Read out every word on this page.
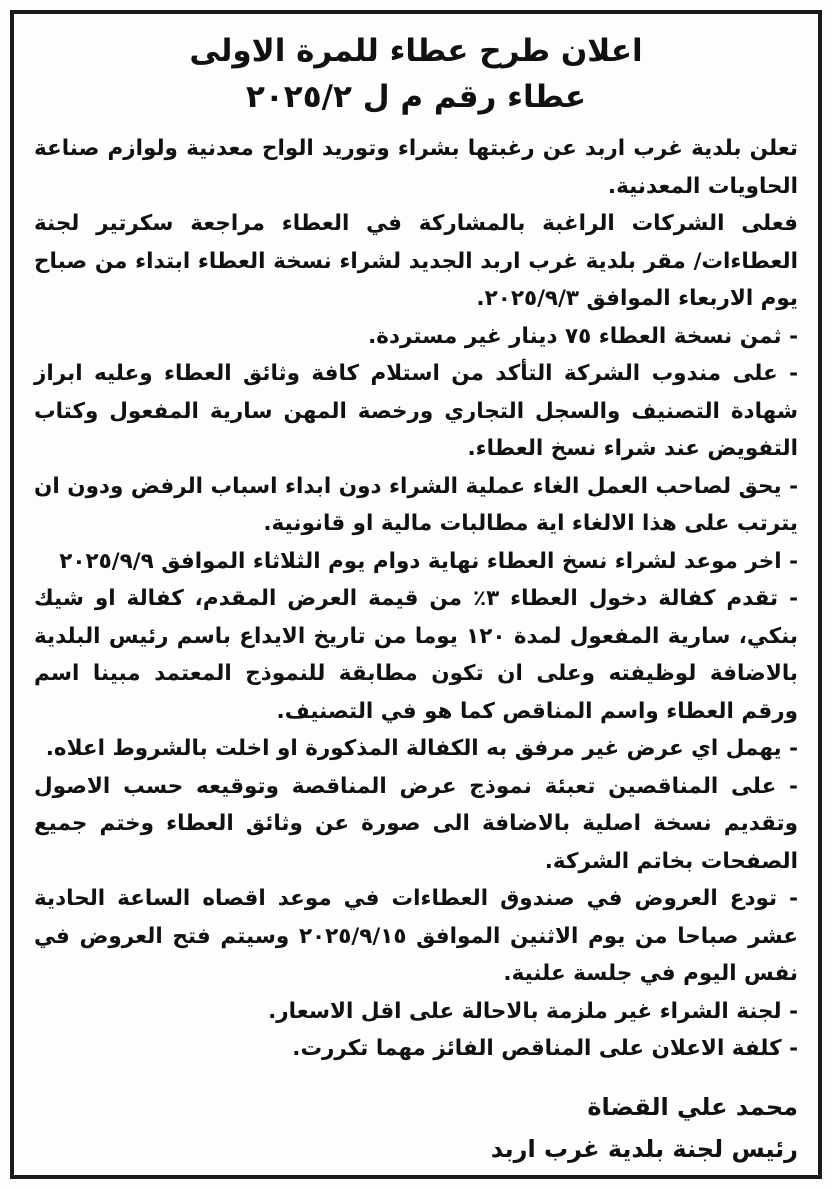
اعلان طرح عطاء للمرة الاولى
عطاء رقم م ل ٢٠٢٥/٢

تعلن بلدية غرب اربد عن رغبتها بشراء وتوريد الواح معدنية ولوازم صناعة الحاويات المعدنية.

فعلى الشركات الراغبة بالمشاركة في العطاء مراجعة سكرتير لجنة العطاءات/ مقر بلدية غرب اربد الجديد لشراء نسخة العطاء ابتداء من صباح يوم الاربعاء الموافق ٢٠٢٥/٩/٣.

- ثمن نسخة العطاء ٧٥ دينار غير مستردة.

- على مندوب الشركة التأكد من استلام كافة وثائق العطاء وعليه ابراز شهادة التصنيف والسجل التجاري ورخصة المهن سارية المفعول وكتاب التفويض عند شراء نسخ العطاء.

- يحق لصاحب العمل الغاء عملية الشراء دون ابداء اسباب الرفض ودون ان يترتب على هذا الالغاء اية مطالبات مالية او قانونية.

- اخر موعد لشراء نسخ العطاء نهاية دوام يوم الثلاثاء الموافق ٢٠٢٥/٩/٩

- تقدم كفالة دخول العطاء ٣٪ من قيمة العرض المقدم، كفالة او شيك بنكي، سارية المفعول لمدة ١٢٠ يوما من تاريخ الايداع باسم رئيس البلدية بالاضافة لوظيفته وعلى ان تكون مطابقة للنموذج المعتمد مبينا اسم ورقم العطاء واسم المناقص كما هو في التصنيف.

- يهمل اي عرض غير مرفق به الكفالة المذكورة او اخلت بالشروط اعلاه.

- على المناقصين تعبئة نموذج عرض المناقصة وتوقيعه حسب الاصول وتقديم نسخة اصلية بالاضافة الى صورة عن وثائق العطاء وختم جميع الصفحات بخاتم الشركة.

- تودع العروض في صندوق العطاءات في موعد اقصاه الساعة الحادية عشر صباحا من يوم الاثنين الموافق ٢٠٢٥/٩/١٥ وسيتم فتح العروض في نفس اليوم في جلسة علنية.

- لجنة الشراء غير ملزمة بالاحالة على اقل الاسعار.

- كلفة الاعلان على المناقص الفائز مهما تكررت.

محمد علي القضاة

رئيس لجنة بلدية غرب اربد
